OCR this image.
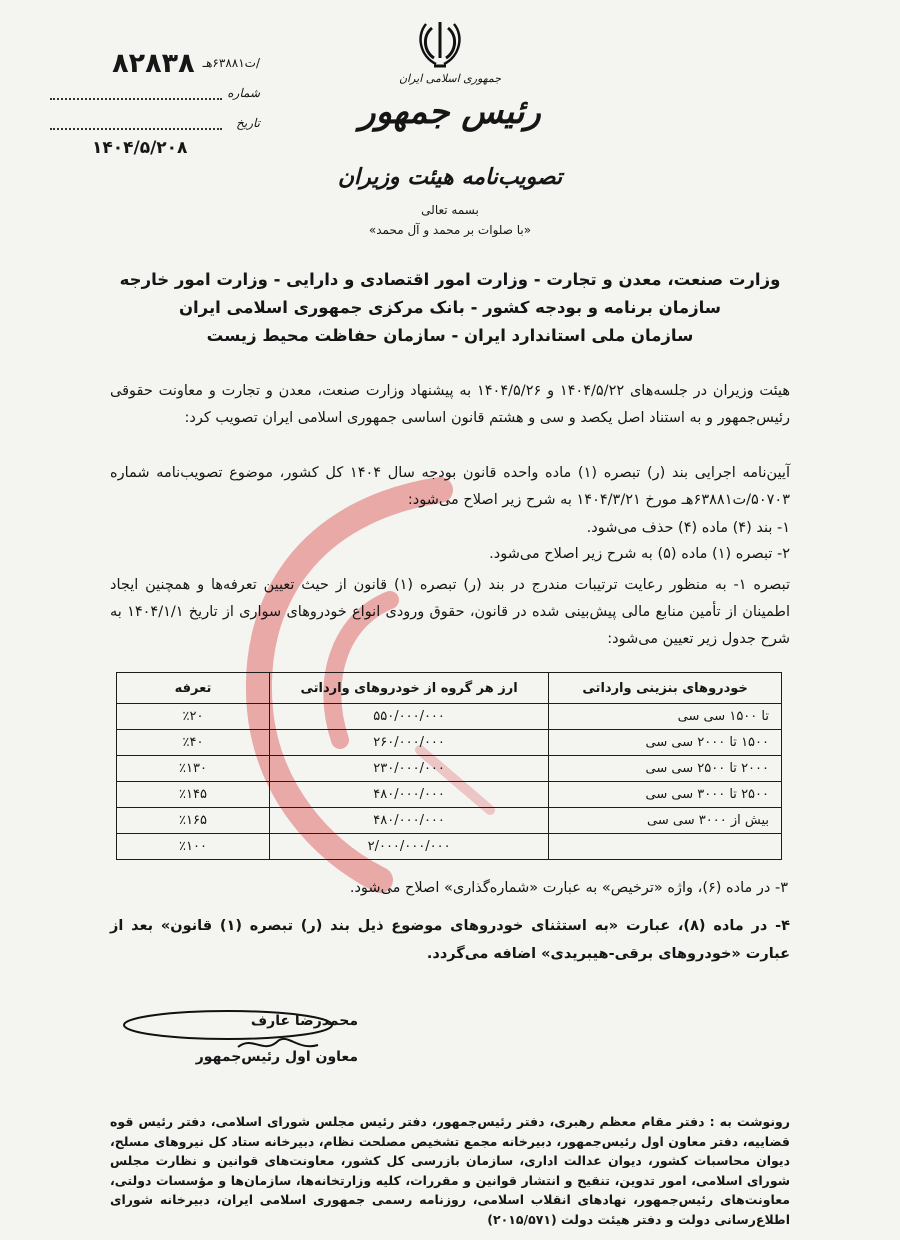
/ت۶۳۸۸۱هـ
۸۲۸۳۸
شماره
تاریخ
۱۴۰۴/۵/۲۰۸
جمهوری اسلامی ایران
رئیس جمهور
تصویب‌نامه هیئت وزیران
بسمه تعالی
«با صلوات بر محمد و آل محمد»
وزارت صنعت، معدن و تجارت - وزارت امور اقتصادی و دارایی - وزارت امور خارجه
سازمان برنامه و بودجه کشور - بانک مرکزی جمهوری اسلامی ایران
سازمان ملی استاندارد ایران - سازمان حفاظت محیط زیست
هیئت وزیران در جلسه‌های ۱۴۰۴/۵/۲۲ و ۱۴۰۴/۵/۲۶ به پیشنهاد وزارت صنعت، معدن و تجارت و معاونت حقوقی رئیس‌جمهور و به استناد اصل یکصد و سی و هشتم قانون اساسی جمهوری اسلامی ایران تصویب کرد:
آیین‌نامه اجرایی بند (ر) تبصره (۱) ماده واحده قانون بودجه سال ۱۴۰۴ کل کشور، موضوع تصویب‌نامه شماره ۵۰۷۰۳/ت۶۳۸۸۱هـ مورخ ۱۴۰۴/۳/۲۱ به شرح زیر اصلاح می‌شود:
۱- بند (۴) ماده (۴) حذف می‌شود.
۲- تبصره (۱) ماده (۵) به شرح زیر اصلاح می‌شود.
تبصره ۱- به منظور رعایت ترتیبات مندرج در بند (ر) تبصره (۱) قانون از حیث تعیین تعرفه‌ها و همچنین ایجاد اطمینان از تأمین منابع مالی پیش‌بینی شده در قانون، حقوق ورودی انواع خودروهای سواری از تاریخ ۱۴۰۴/۱/۱ به شرح جدول زیر تعیین می‌شود:
خودروهای بنزینی وارداتی	ارز هر گروه از خودروهای وارداتی	تعرفه
تا ۱۵۰۰ سی سی	۵۵۰/۰۰۰/۰۰۰	٪۲۰
۱۵۰۰ تا ۲۰۰۰ سی سی	۲۶۰/۰۰۰/۰۰۰	٪۴۰
۲۰۰۰ تا ۲۵۰۰ سی سی	۲۳۰/۰۰۰/۰۰۰	٪۱۳۰
۲۵۰۰ تا ۳۰۰۰ سی سی	۴۸۰/۰۰۰/۰۰۰	٪۱۴۵
بیش از ۳۰۰۰ سی سی	۴۸۰/۰۰۰/۰۰۰	٪۱۶۵
	۲/۰۰۰/۰۰۰/۰۰۰	٪۱۰۰
۳- در ماده (۶)، واژه «ترخیص» به عبارت «شماره‌گذاری» اصلاح می‌شود.
۴- در ماده (۸)، عبارت «به استثنای خودروهای موضوع ذیل بند (ر) تبصره (۱) قانون» بعد از عبارت «خودروهای برقی-هیبریدی» اضافه می‌گردد.
محمدرضا عارف
معاون اول رئیس‌جمهور
رونوشت به : دفتر مقام معظم رهبری، دفتر رئیس‌جمهور، دفتر رئیس مجلس شورای اسلامی، دفتر رئیس قوه قضاییه، دفتر معاون اول رئیس‌جمهور، دبیرخانه مجمع تشخیص مصلحت نظام، دبیرخانه ستاد کل نیروهای مسلح، دیوان محاسبات کشور، دیوان عدالت اداری، سازمان بازرسی کل کشور، معاونت‌های قوانین و نظارت مجلس شورای اسلامی، امور تدوین، تنقیح و انتشار قوانین و مقررات، کلیه وزارتخانه‌ها، سازمان‌ها و مؤسسات دولتی، معاونت‌های رئیس‌جمهور، نهادهای انقلاب اسلامی، روزنامه رسمی جمهوری اسلامی ایران، دبیرخانه شورای اطلاع‌رسانی دولت و دفتر هیئت دولت (۲۰۱۵/۵۷۱)
